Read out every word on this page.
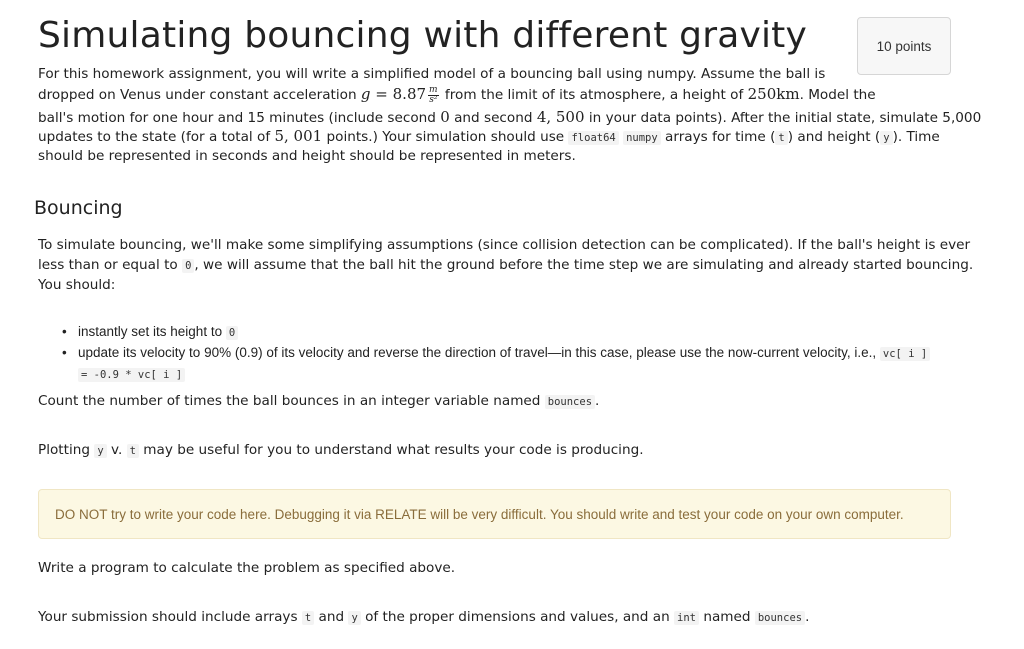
Simulating bouncing with different gravity	10 points

For this homework assignment, you will write a simplified model of a bouncing ball using numpy. Assume the ball is

dropped on Venus under constant acceleration $g = 8.87 \frac{m}{\text{s²}}$ from the limit of its atmosphere, a height of 250km. Model the

ball's motion for one hour and 15 minutes (include second 0 and second 4, 500 in your data points). After the initial state, simulate 5,000

updates to the state (for a total of 5, 001 points.) Your simulation should use float64 numpy arrays for time ( t ) and height ( y ). Time

should be represented in seconds and height should be represented in meters.

Bouncing

To simulate bouncing, we'll make some simplifying assumptions (since collision detection can be complicated). If the ball's height is ever

less than or equal to 0 , we will assume that the ball hit the ground before the time step we are simulating and already started bouncing.

You should:

• instantly set its height to 0
• update its velocity to 90% (0.9) of its velocity and reverse the direction of travel—in this case, please use the now-current velocity, i.e., vc[ i ]
= -0.9 * vc[ i ]

Count the number of times the ball bounces in an integer variable named bounces .

Plotting y v. t may be useful for you to understand what results your code is producing.

DO NOT try to write your code here. Debugging it via RELATE will be very difficult. You should write and test your code on your own computer.

Write a program to calculate the problem as specified above.

Your submission should include arrays t and y of the proper dimensions and values, and an int named bounces .
